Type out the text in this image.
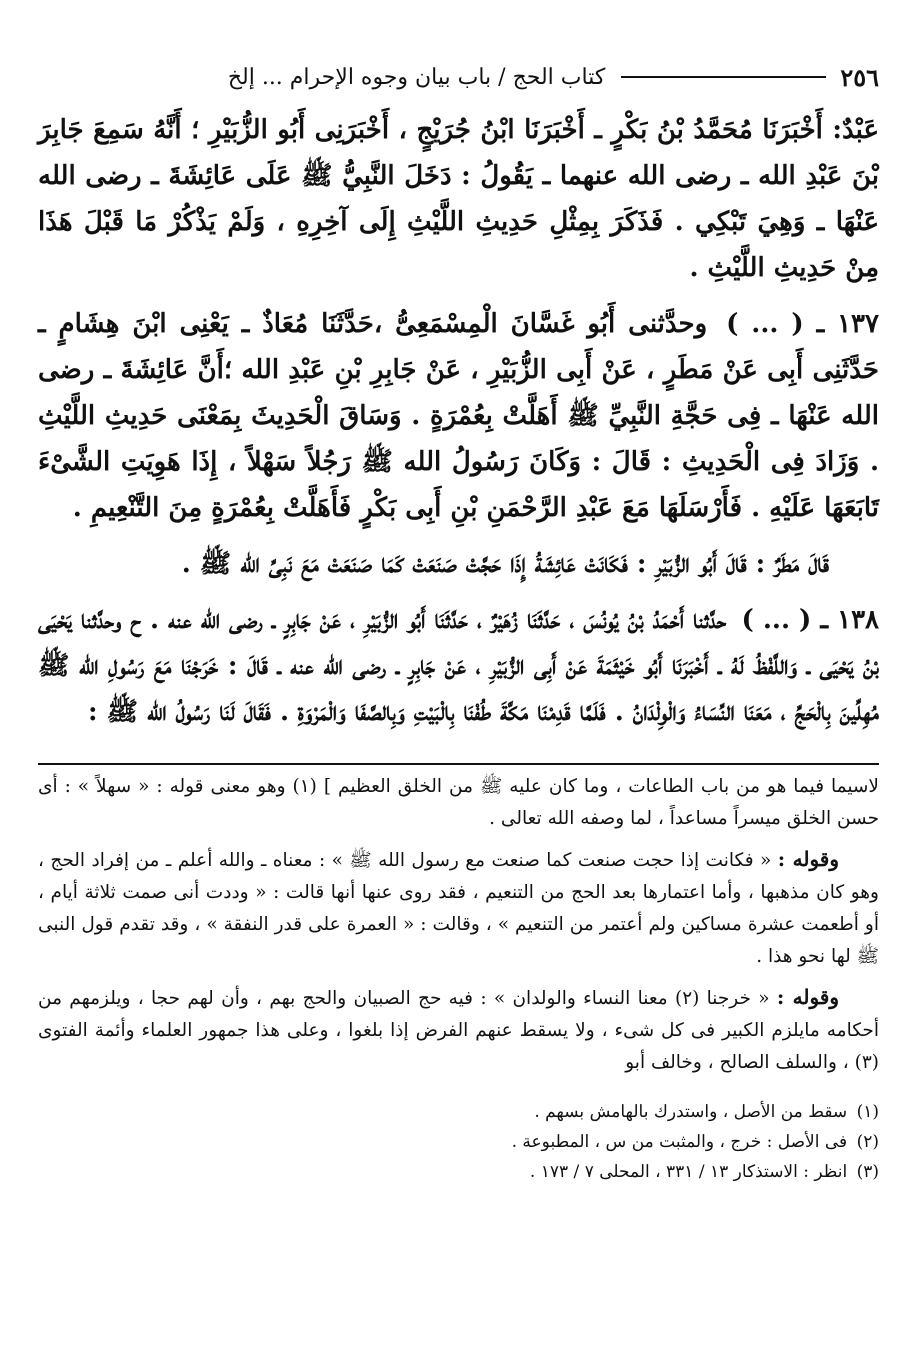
٢٥٦
كتاب الحج / باب بيان وجوه الإحرام ... إلخ

عَبْدٌ: أَخْبَرَنَا مُحَمَّدُ بْنُ بَكْرٍ ـ أَخْبَرَنَا ابْنُ جُرَيْجٍ ، أَخْبَرَنِى أَبُو الزُّبَيْرِ ؛ أَنَّهُ سَمِعَ جَابِرَ بْنَ عَبْدِ الله ـ رضى الله عنهما ـ يَقُولُ : دَخَلَ النَّبِيُّ ﷺ عَلَى عَائِشَةَ ـ رضى الله عَنْهَا ـ وَهِيَ تَبْكِي . فَذَكَرَ بِمِثْلِ حَدِيثِ اللَّيْثِ إِلَى آخِرِهِ ، وَلَمْ يَذْكُرْ مَا قَبْلَ هَذَا مِنْ حَدِيثِ اللَّيْثِ .

١٣٧ ـ ( ... ) وحدَّثنى أَبُو غَسَّانَ الْمِسْمَعِىُّ ،حَدَّثَنَا مُعَاذٌ ـ يَعْنِى ابْنَ هِشَامٍ ـ حَدَّثَنِى أَبِى عَنْ مَطَرٍ ، عَنْ أَبِى الزُّبَيْرِ ، عَنْ جَابِرِ بْنِ عَبْدِ الله ؛أَنَّ عَائِشَةَ ـ رضى الله عَنْهَا ـ فِى حَجَّةِ النَّبِيِّ ﷺ أَهَلَّتْ بِعُمْرَةٍ . وَسَاقَ الْحَدِيثَ بِمَعْنَى حَدِيثِ اللَّيْثِ . وَزَادَ فِى الْحَدِيثِ : قَالَ : وَكَانَ رَسُولُ الله ﷺ رَجُلاً سَهْلاً ، إِذَا هَوِيَتِ الشَّىْءَ تَابَعَهَا عَلَيْهِ . فَأَرْسَلَهَا مَعَ عَبْدِ الرَّحْمَنِ بْنِ أَبِى بَكْرٍ فَأَهَلَّتْ بِعُمْرَةٍ مِنَ التَّنْعِيمِ .

قَالَ مَطَرٌ : قَالَ أَبُو الزُّبَيْرِ : فَكَانَتْ عَائِشَةُ إِذَا حَجَّتْ صَنَعَتْ كَمَا صَنَعَتْ مَعَ نَبِىِّ الله ﷺ .

١٣٨ ـ ( ... ) حدَّثنا أَحْمَدُ بْنُ يُونُسَ ، حَدَّثَنَا زُهَيْرٌ ، حَدَّثَنَا أَبُو الزُّبَيْرِ ، عَنْ جَابِرٍ ـ رضى الله عنه . ح وحدَّثنا يَحْيَى بْنُ يَحْيَى ـ وَاللَّفْظُ لَهُ ـ أَخْبَرَنَا أَبُو خَيْثَمَةَ عَنْ أَبِى الزُّبَيْرِ ، عَنْ جَابِرٍ ـ رضى الله عنه ـ قَالَ : خَرَجْنَا مَعَ رَسُولِ الله ﷺ مُهِلِّينَ بِالْحَجِّ ، مَعَنَا النِّسَاءُ وَالْوِلْدَانُ . فَلَمَّا قَدِمْنَا مَكَّةَ طُفْنَا بِالْبَيْتِ وَبِالصَّفَا وَالْمَرْوَةِ . فَقَالَ لَنَا رَسُولُ الله ﷺ :

لاسيما فيما هو من باب الطاعات ، وما كان عليه ﷺ من الخلق العظيم ] (١) وهو معنى قوله : « سهلاً » : أى حسن الخلق ميسراً مساعداً ، لما وصفه الله تعالى .

وقوله : « فكانت إذا حجت صنعت كما صنعت مع رسول الله ﷺ » : معناه ـ والله أعلم ـ من إفراد الحج ، وهو كان مذهبها ، وأما اعتمارها بعد الحج من التنعيم ، فقد روى عنها أنها قالت : « وددت أنى صمت ثلاثة أيام ، أو أطعمت عشرة مساكين ولم أعتمر من التنعيم » ، وقالت : « العمرة على قدر النفقة » ، وقد تقدم قول النبى ﷺ لها نحو هذا .

وقوله : « خرجنا (٢) معنا النساء والولدان » : فيه حج الصبيان والحج بهم ، وأن لهم حجا ، ويلزمهم من أحكامه مايلزم الكبير فى كل شىء ، ولا يسقط عنهم الفرض إذا بلغوا ، وعلى هذا جمهور العلماء وأئمة الفتوى (٣) ، والسلف الصالح ، وخالف أبو

(١) سقط من الأصل ، واستدرك بالهامش بسهم .

(٢) فى الأصل : خرج ، والمثبت من س ، المطبوعة .

(٣) انظر : الاستذكار ١٣ / ٣٣١ ، المحلى ٧ / ١٧٣ .
